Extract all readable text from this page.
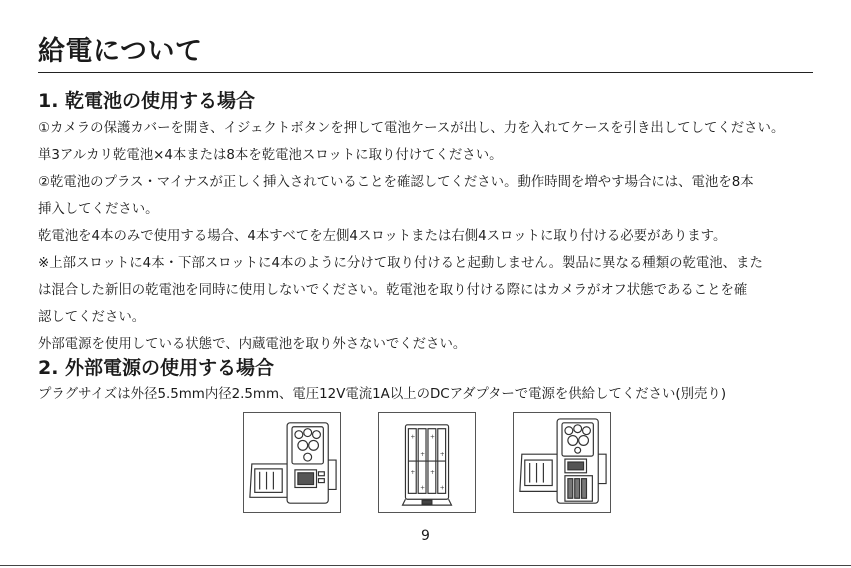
給電について
1. 乾電池の使用する場合

①カメラの保護カバーを開き、イジェクトボタンを押して電池ケースが出し、力を入れてケースを引き出してしてください。

単3アルカリ乾電池×4本または8本を乾電池スロットに取り付けてください。

②乾電池のプラス・マイナスが正しく挿入されていることを確認してください。動作時間を増やす場合には、電池を8本

挿入してください。

乾電池を4本のみで使用する場合、4本すべてを左側4スロットまたは右側4スロットに取り付ける必要があります。

※上部スロットに4本・下部スロットに4本のように分けて取り付けると起動しません。製品に異なる種類の乾電池、また

は混合した新旧の乾電池を同時に使用しないでください。乾電池を取り付ける際にはカメラがオフ状態であることを確

認してください。

外部電源を使用している状態で、内蔵電池を取り外さないでください。

2. 外部電源の使用する場合

プラグサイズは外径5.5mm内径2.5mm、電圧12V電流1A以上のDCアダプターで電源を供給してください(別売り)

+
+
+
+
+
+
+
+
9
